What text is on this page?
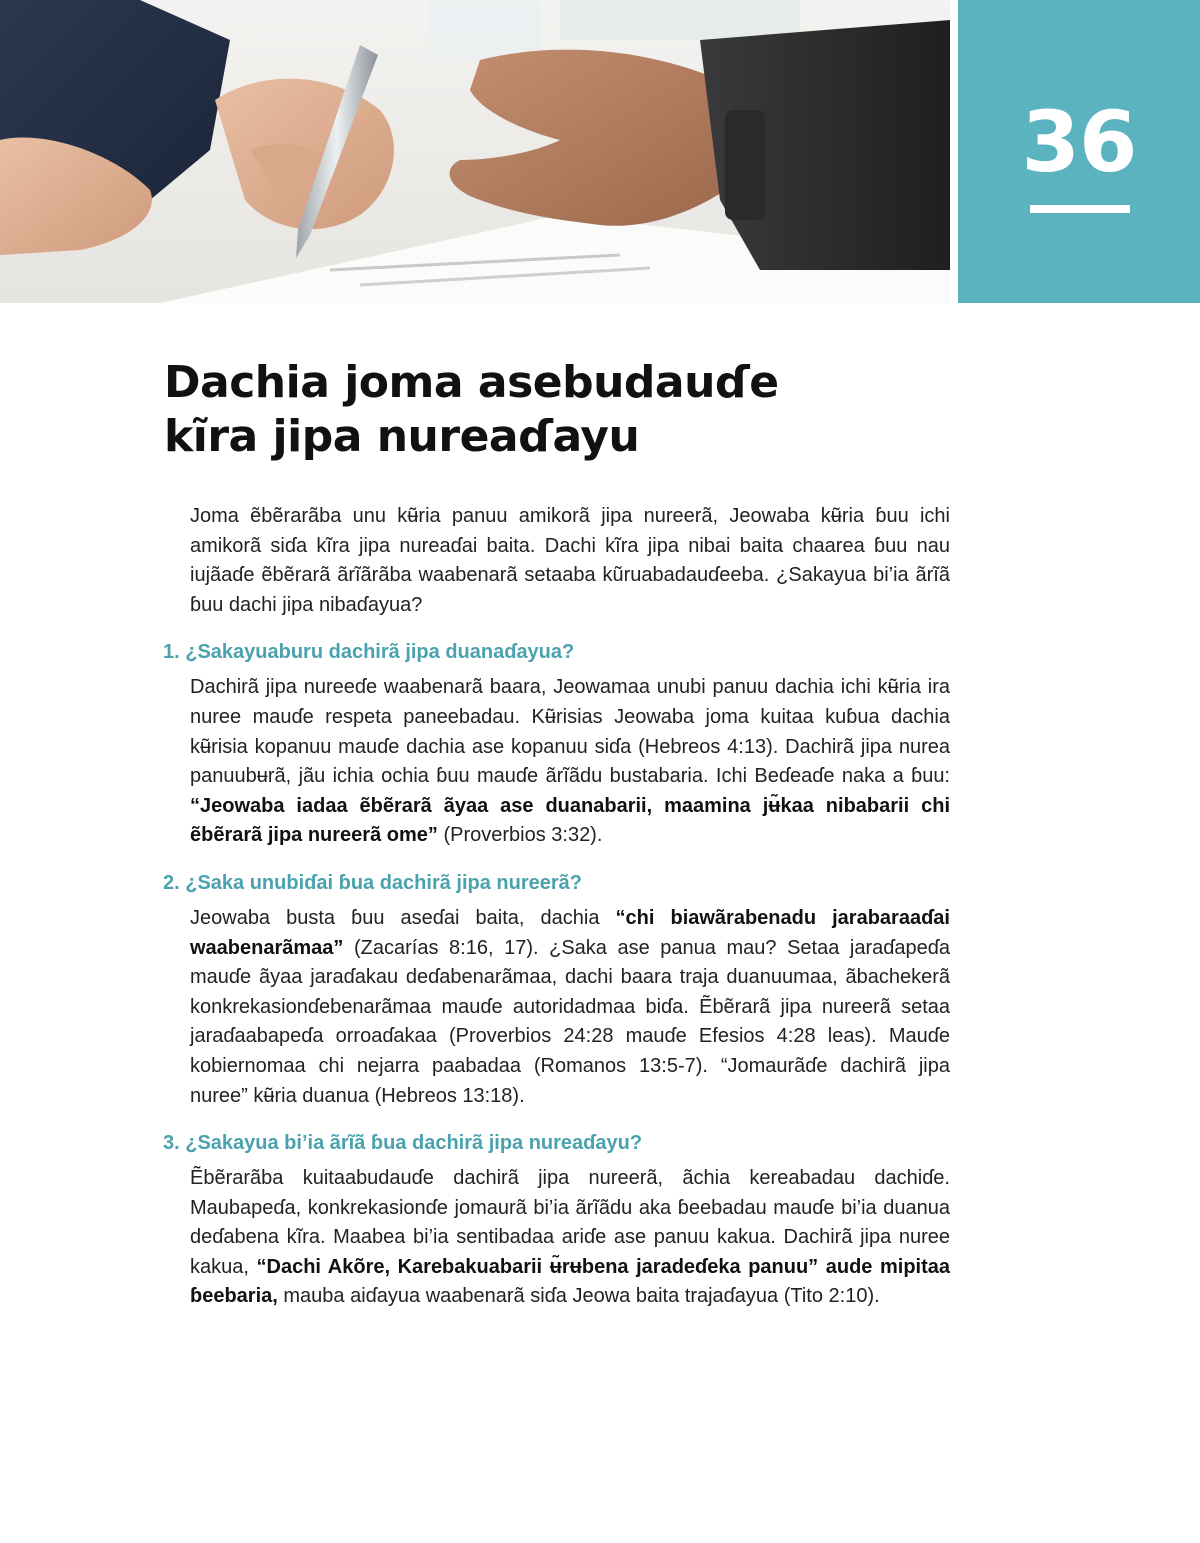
36
Dachia joma asebudauɗe
kĩra jipa nureaɗayu

Joma ẽbẽrarãba unu kʉ̃ria panuu amikorã jipa nureerã, Jeowaba kʉ̃ria ɓuu ichi amikorã siɗa kĩra jipa nureaɗai baita. Dachi kĩra jipa nibai baita chaarea ɓuu nau iujãaɗe ẽbẽrarã ãrĩãrãba waabenarã setaaba kũruabadauɗeeba. ¿Sakayua bi’ia ãrĩã ɓuu dachi jipa nibaɗayua?

1. ¿Sakayuaburu dachirã jipa duanaɗayua?

Dachirã jipa nureeɗe waabenarã baara, Jeowamaa unubi panuu dachia ichi kʉ̃ria ira nuree mauɗe respeta paneebadau. Kʉ̃risias Jeowaba joma kuitaa kuɓua dachia kʉ̃risia kopanuu mauɗe dachia ase kopanuu siɗa (Hebreos 4:13). Dachirã jipa nurea panuubʉrã, jãu ichia ochia ɓuu mauɗe ãrĩãdu bustabaria. Ichi Beɗeaɗe naka a ɓuu: “Jeowaba iadaa ẽbẽrarã ãyaa ase duanabarii, maamina jʉ̃kaa nibabarii chi ẽbẽrarã jipa nureerã ome” (Proverbios 3:32).

2. ¿Saka unubiɗai ɓua dachirã jipa nureerã?

Jeowaba busta ɓuu aseɗai baita, dachia “chi biawãrabenadu jarabaraaɗai waabenarãmaa” (Zacarías 8:16, 17). ¿Saka ase panua mau? Setaa jaraɗapeɗa mauɗe ãyaa jaraɗakau deɗabenarãmaa, dachi baara traja duanuumaa, ãbachekerã konkrekasionɗebenarãmaa mauɗe autoridadmaa biɗa. Ẽbẽrarã jipa nureerã setaa jaraɗaabapeɗa orroaɗakaa (Proverbios 24:28 mauɗe Efesios 4:28 leas). Mauɗe kobiernomaa chi nejarra paabadaa (Romanos 13:5-7). “Jomaurãɗe dachirã jipa nuree” kʉ̃ria duanua (Hebreos 13:18).

3. ¿Sakayua bi’ia ãrĩã ɓua dachirã jipa nureaɗayu?

Ẽbẽrarãba kuitaabudauɗe dachirã jipa nureerã, ãchia kereabadau dachiɗe. Maubapeɗa, konkrekasionɗe jomaurã bi’ia ãrĩãdu aka ɓeebadau mauɗe bi’ia duanua deɗabena kĩra. Maabea bi’ia sentibadaa ariɗe ase panuu kakua. Dachirã jipa nuree kakua, “Dachi Akõre, Karebakuabarii ʉ̃rʉbena jaradeɗeka panuu” aude mipitaa ɓeebaria, mauba aiɗayua waabenarã siɗa Jeowa baita trajaɗayua (Tito 2:10).
